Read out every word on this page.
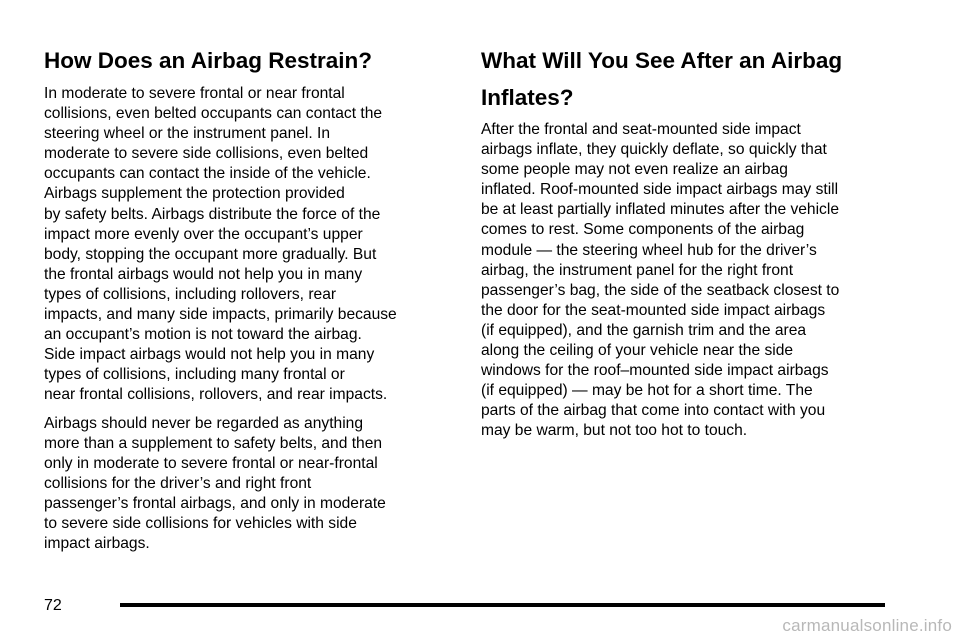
How Does an Airbag Restrain?

In moderate to severe frontal or near frontal
collisions, even belted occupants can contact the
steering wheel or the instrument panel. In
moderate to severe side collisions, even belted
occupants can contact the inside of the vehicle.
Airbags supplement the protection provided
by safety belts. Airbags distribute the force of the
impact more evenly over the occupant’s upper
body, stopping the occupant more gradually. But
the frontal airbags would not help you in many
types of collisions, including rollovers, rear
impacts, and many side impacts, primarily because
an occupant’s motion is not toward the airbag.
Side impact airbags would not help you in many
types of collisions, including many frontal or
near frontal collisions, rollovers, and rear impacts.

Airbags should never be regarded as anything
more than a supplement to safety belts, and then
only in moderate to severe frontal or near-frontal
collisions for the driver’s and right front
passenger’s frontal airbags, and only in moderate
to severe side collisions for vehicles with side
impact airbags.

What Will You See After an Airbag
Inflates?

After the frontal and seat-mounted side impact
airbags inflate, they quickly deflate, so quickly that
some people may not even realize an airbag
inflated. Roof-mounted side impact airbags may still
be at least partially inflated minutes after the vehicle
comes to rest. Some components of the airbag
module — the steering wheel hub for the driver’s
airbag, the instrument panel for the right front
passenger’s bag, the side of the seatback closest to
the door for the seat-mounted side impact airbags
(if equipped), and the garnish trim and the area
along the ceiling of your vehicle near the side
windows for the roof–mounted side impact airbags
(if equipped) — may be hot for a short time. The
parts of the airbag that come into contact with you
may be warm, but not too hot to touch.

72
carmanualsonline.info
